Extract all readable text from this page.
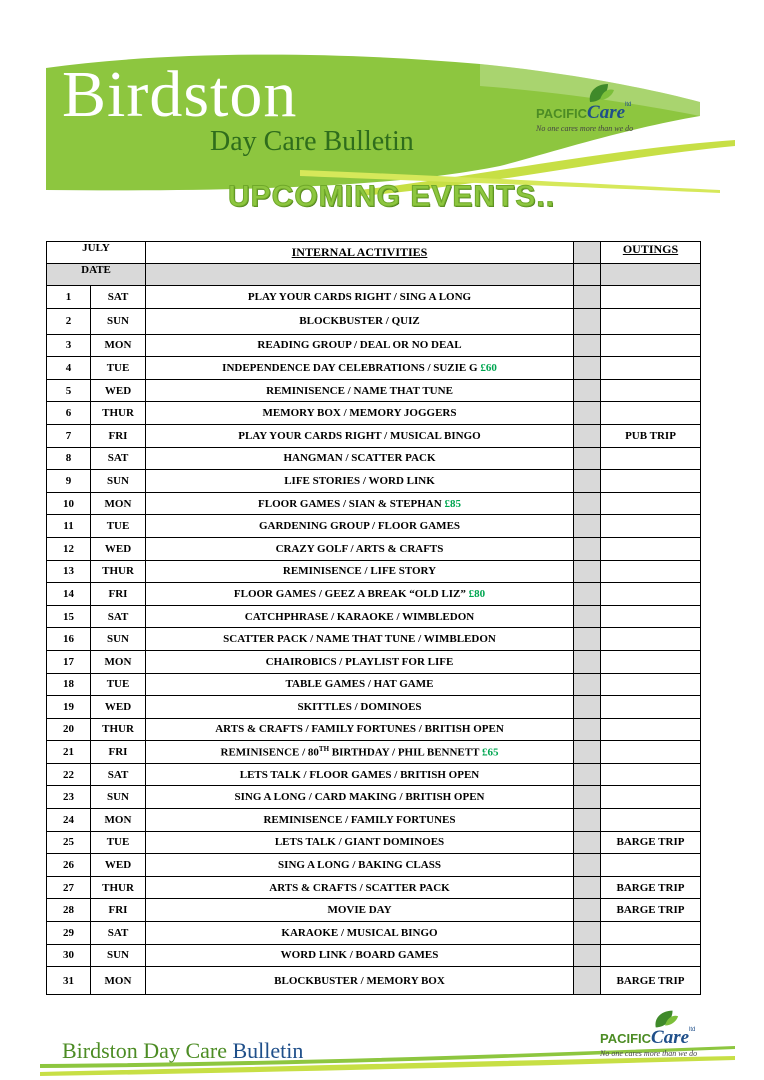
Birdston
Day Care Bulletin
PACIFICCare$^{ltd}$
No one cares more than we do
UPCOMING EVENTS..
JULY		INTERNAL ACTIVITIES		OUTINGS
DATE				
1	SAT	PLAY YOUR CARDS RIGHT / SING A LONG		
2	SUN	BLOCKBUSTER / QUIZ		
3	MON	READING GROUP / DEAL OR NO DEAL		
4	TUE	INDEPENDENCE DAY CELEBRATIONS / SUZIE G £60		
5	WED	REMINISENCE / NAME THAT TUNE		
6	THUR	MEMORY BOX / MEMORY JOGGERS		
7	FRI	PLAY YOUR CARDS RIGHT / MUSICAL BINGO		PUB TRIP
8	SAT	HANGMAN / SCATTER PACK		
9	SUN	LIFE STORIES / WORD LINK		
10	MON	FLOOR GAMES / SIAN & STEPHAN £85		
11	TUE	GARDENING GROUP / FLOOR GAMES		
12	WED	CRAZY GOLF / ARTS & CRAFTS		
13	THUR	REMINISENCE / LIFE STORY		
14	FRI	FLOOR GAMES / GEEZ A BREAK “OLD LIZ” £80		
15	SAT	CATCHPHRASE / KARAOKE / WIMBLEDON		
16	SUN	SCATTER PACK / NAME THAT TUNE / WIMBLEDON		
17	MON	CHAIROBICS / PLAYLIST FOR LIFE		
18	TUE	TABLE GAMES / HAT GAME		
19	WED	SKITTLES / DOMINOES		
20	THUR	ARTS & CRAFTS / FAMILY FORTUNES / BRITISH OPEN		
21	FRI	REMINISENCE / 80TH BIRTHDAY / PHIL BENNETT £65		
22	SAT	LETS TALK / FLOOR GAMES / BRITISH OPEN		
23	SUN	SING A LONG / CARD MAKING / BRITISH OPEN		
24	MON	REMINISENCE / FAMILY FORTUNES		
25	TUE	LETS TALK / GIANT DOMINOES		BARGE TRIP
26	WED	SING A LONG / BAKING CLASS		
27	THUR	ARTS & CRAFTS / SCATTER PACK		BARGE TRIP
28	FRI	MOVIE DAY		BARGE TRIP
29	SAT	KARAOKE / MUSICAL BINGO		
30	SUN	WORD LINK / BOARD GAMES		
31	MON	BLOCKBUSTER / MEMORY BOX		BARGE TRIP
Birdston Day Care Bulletin	PACIFICCare$^{ltd}$
No one cares more than we do
